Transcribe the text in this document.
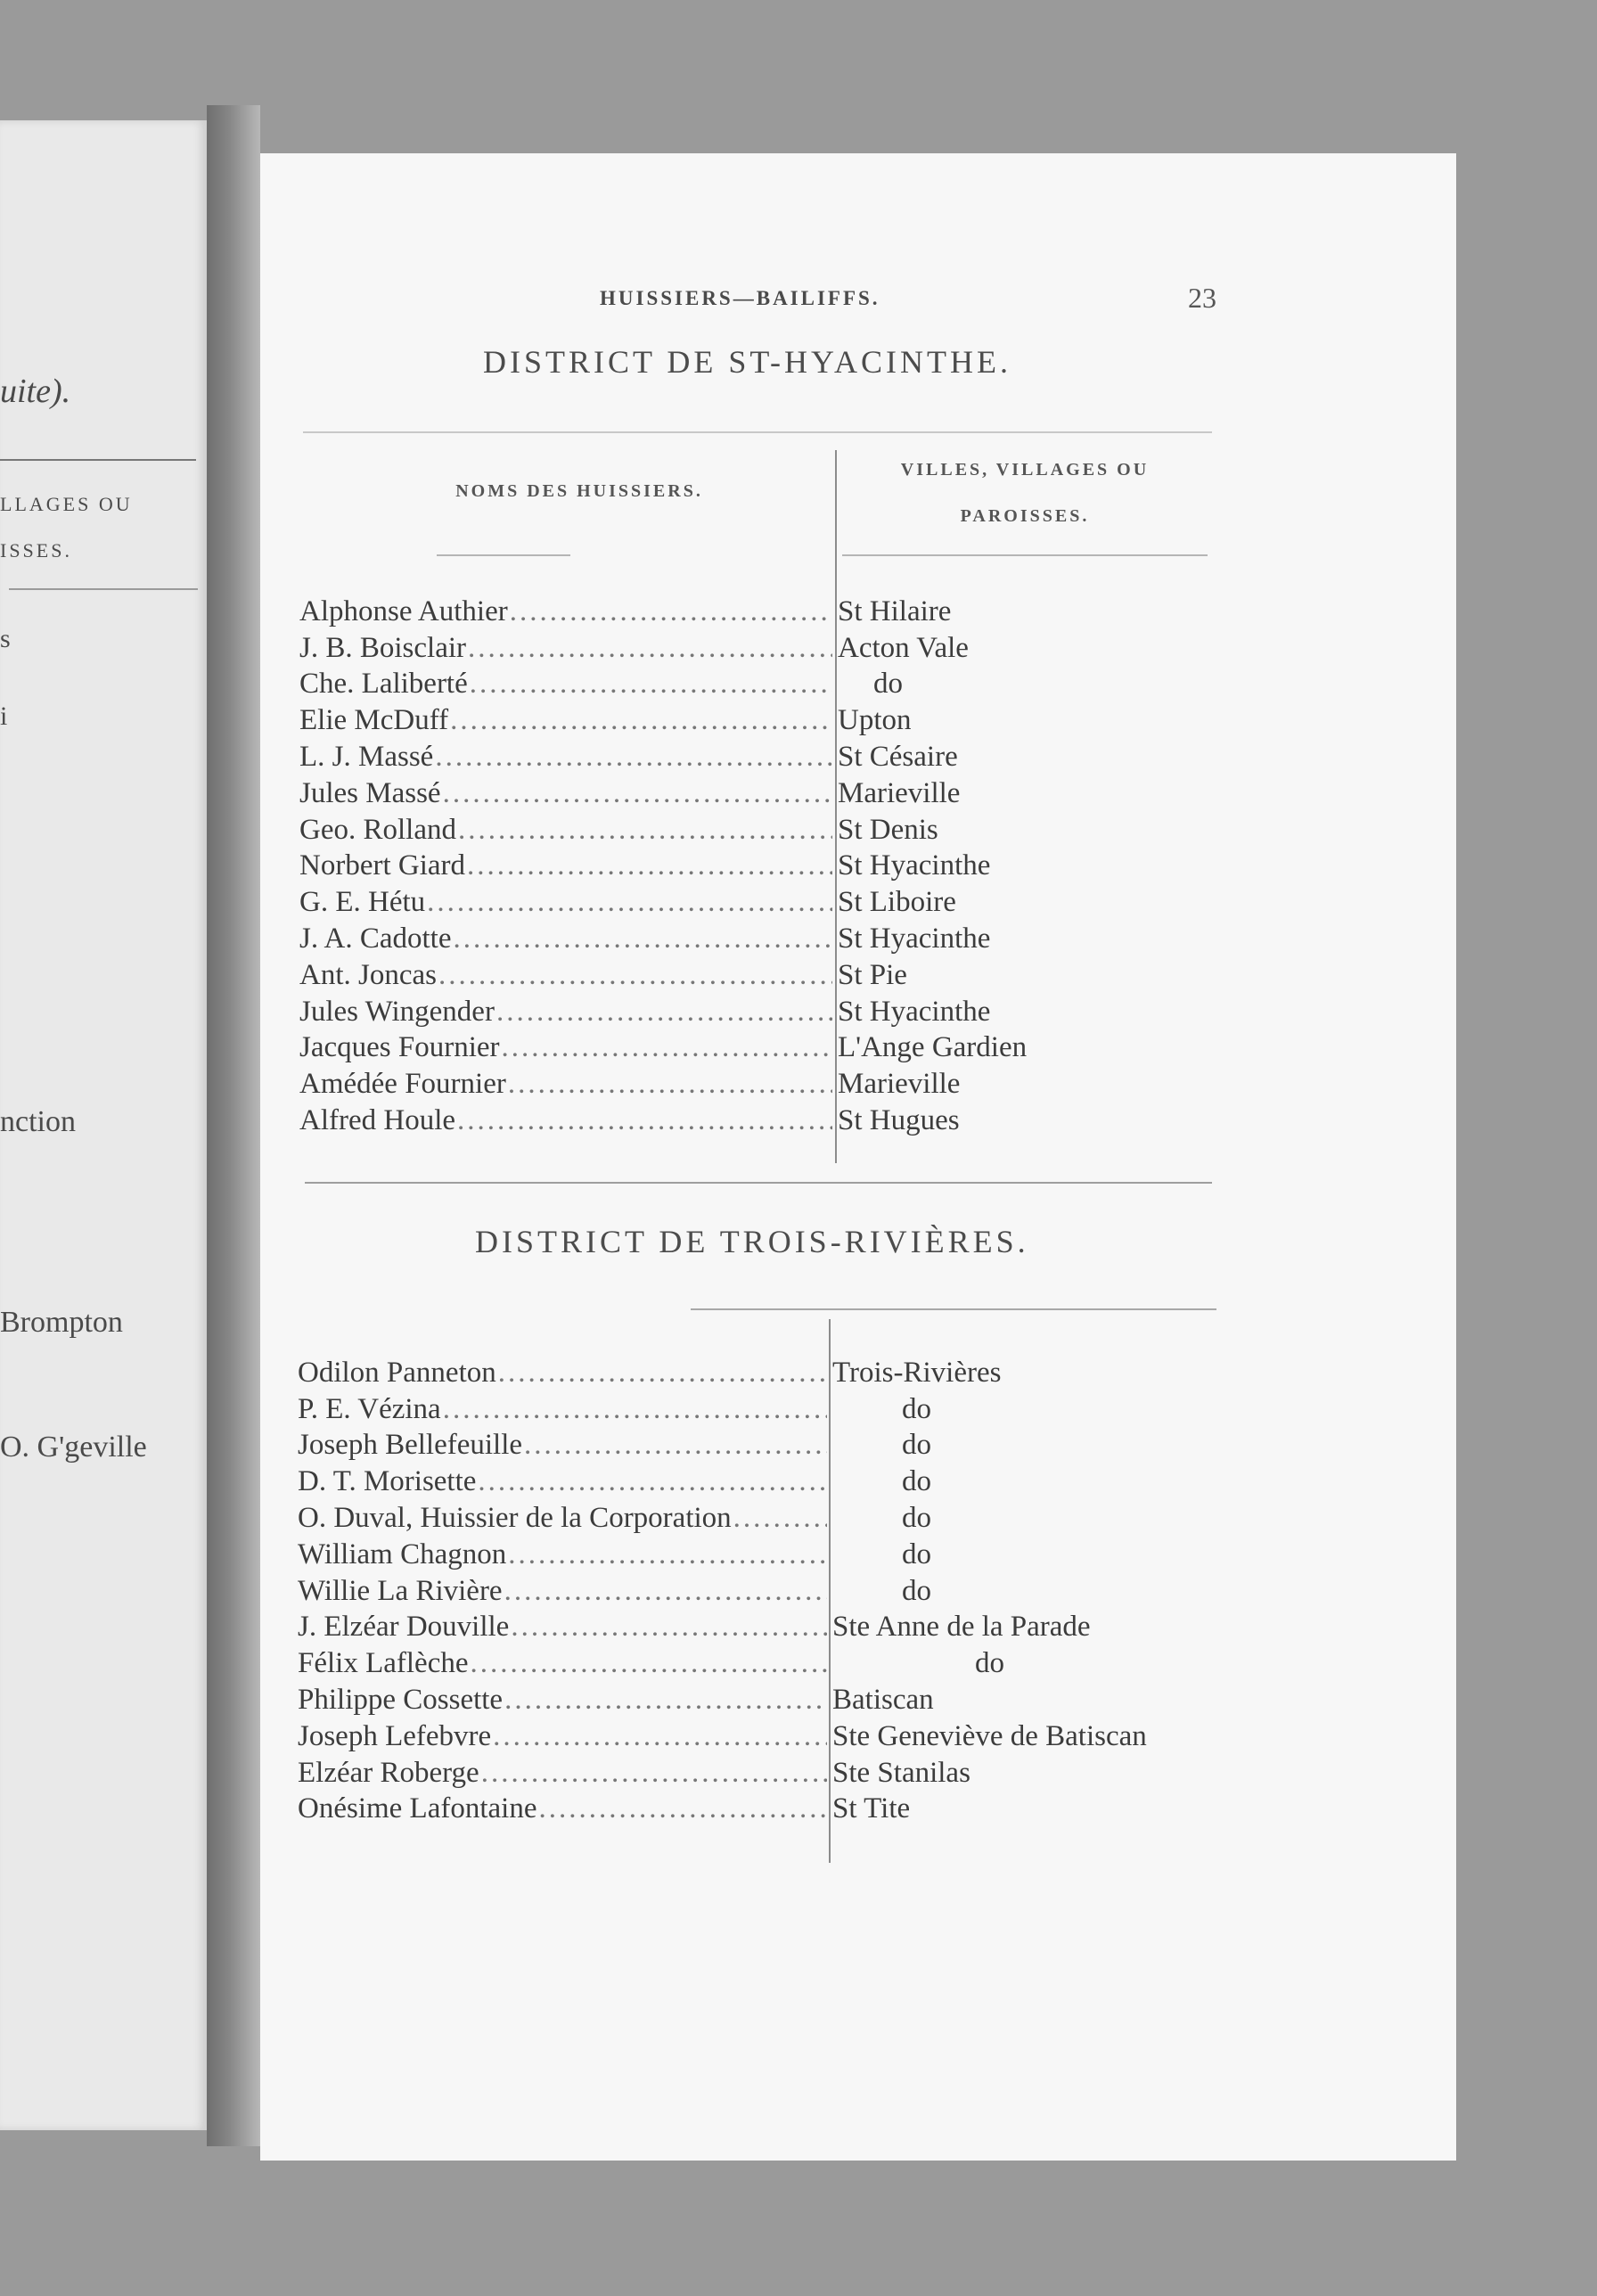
uite).
LLAGES OU
ISSES.
s
i
nction
Brompton
O. G'geville
HUISSIERS—BAILIFFS.	23
DISTRICT DE ST-HYACINTHE.
NOMS DES HUISSIERS.
VILLES, VILLAGES OU
PAROISSES.
Alphonse Authier
.....
J. B. Boisclair
.....
Che. Laliberté
.....
Elie McDuff
.....
L. J. Massé
.....
Jules Massé
.....
Geo. Rolland
.....
Norbert Giard
.....
G. E. Hétu
.....
J. A. Cadotte
.....
Ant. Joncas
.....
Jules Wingender
.....
Jacques Fournier
.....
Amédée Fournier
.....
Alfred Houle
.....
St Hilaire
Acton Vale
do
Upton
St Césaire
Marieville
St Denis
St Hyacinthe
St Liboire
St Hyacinthe
St Pie
St Hyacinthe
L'Ange Gardien
Marieville
St Hugues
DISTRICT DE TROIS-RIVIÈRES.
Odilon Panneton
.....
P. E. Vézina
.....
Joseph Bellefeuille
.....
D. T. Morisette
.....
O. Duval, Huissier de la Corporation
.....
William Chagnon
.....
Willie La Rivière
.....
J. Elzéar Douville
.....
Félix Laflèche
.....
Philippe Cossette
.....
Joseph Lefebvre
.....
Elzéar Roberge
.....
Onésime Lafontaine
.....
Trois-Rivières
do
do
do
do
do
do
Ste Anne de la Parade
do
Batiscan
Ste Geneviève de Batiscan
Ste Stanilas
St Tite
